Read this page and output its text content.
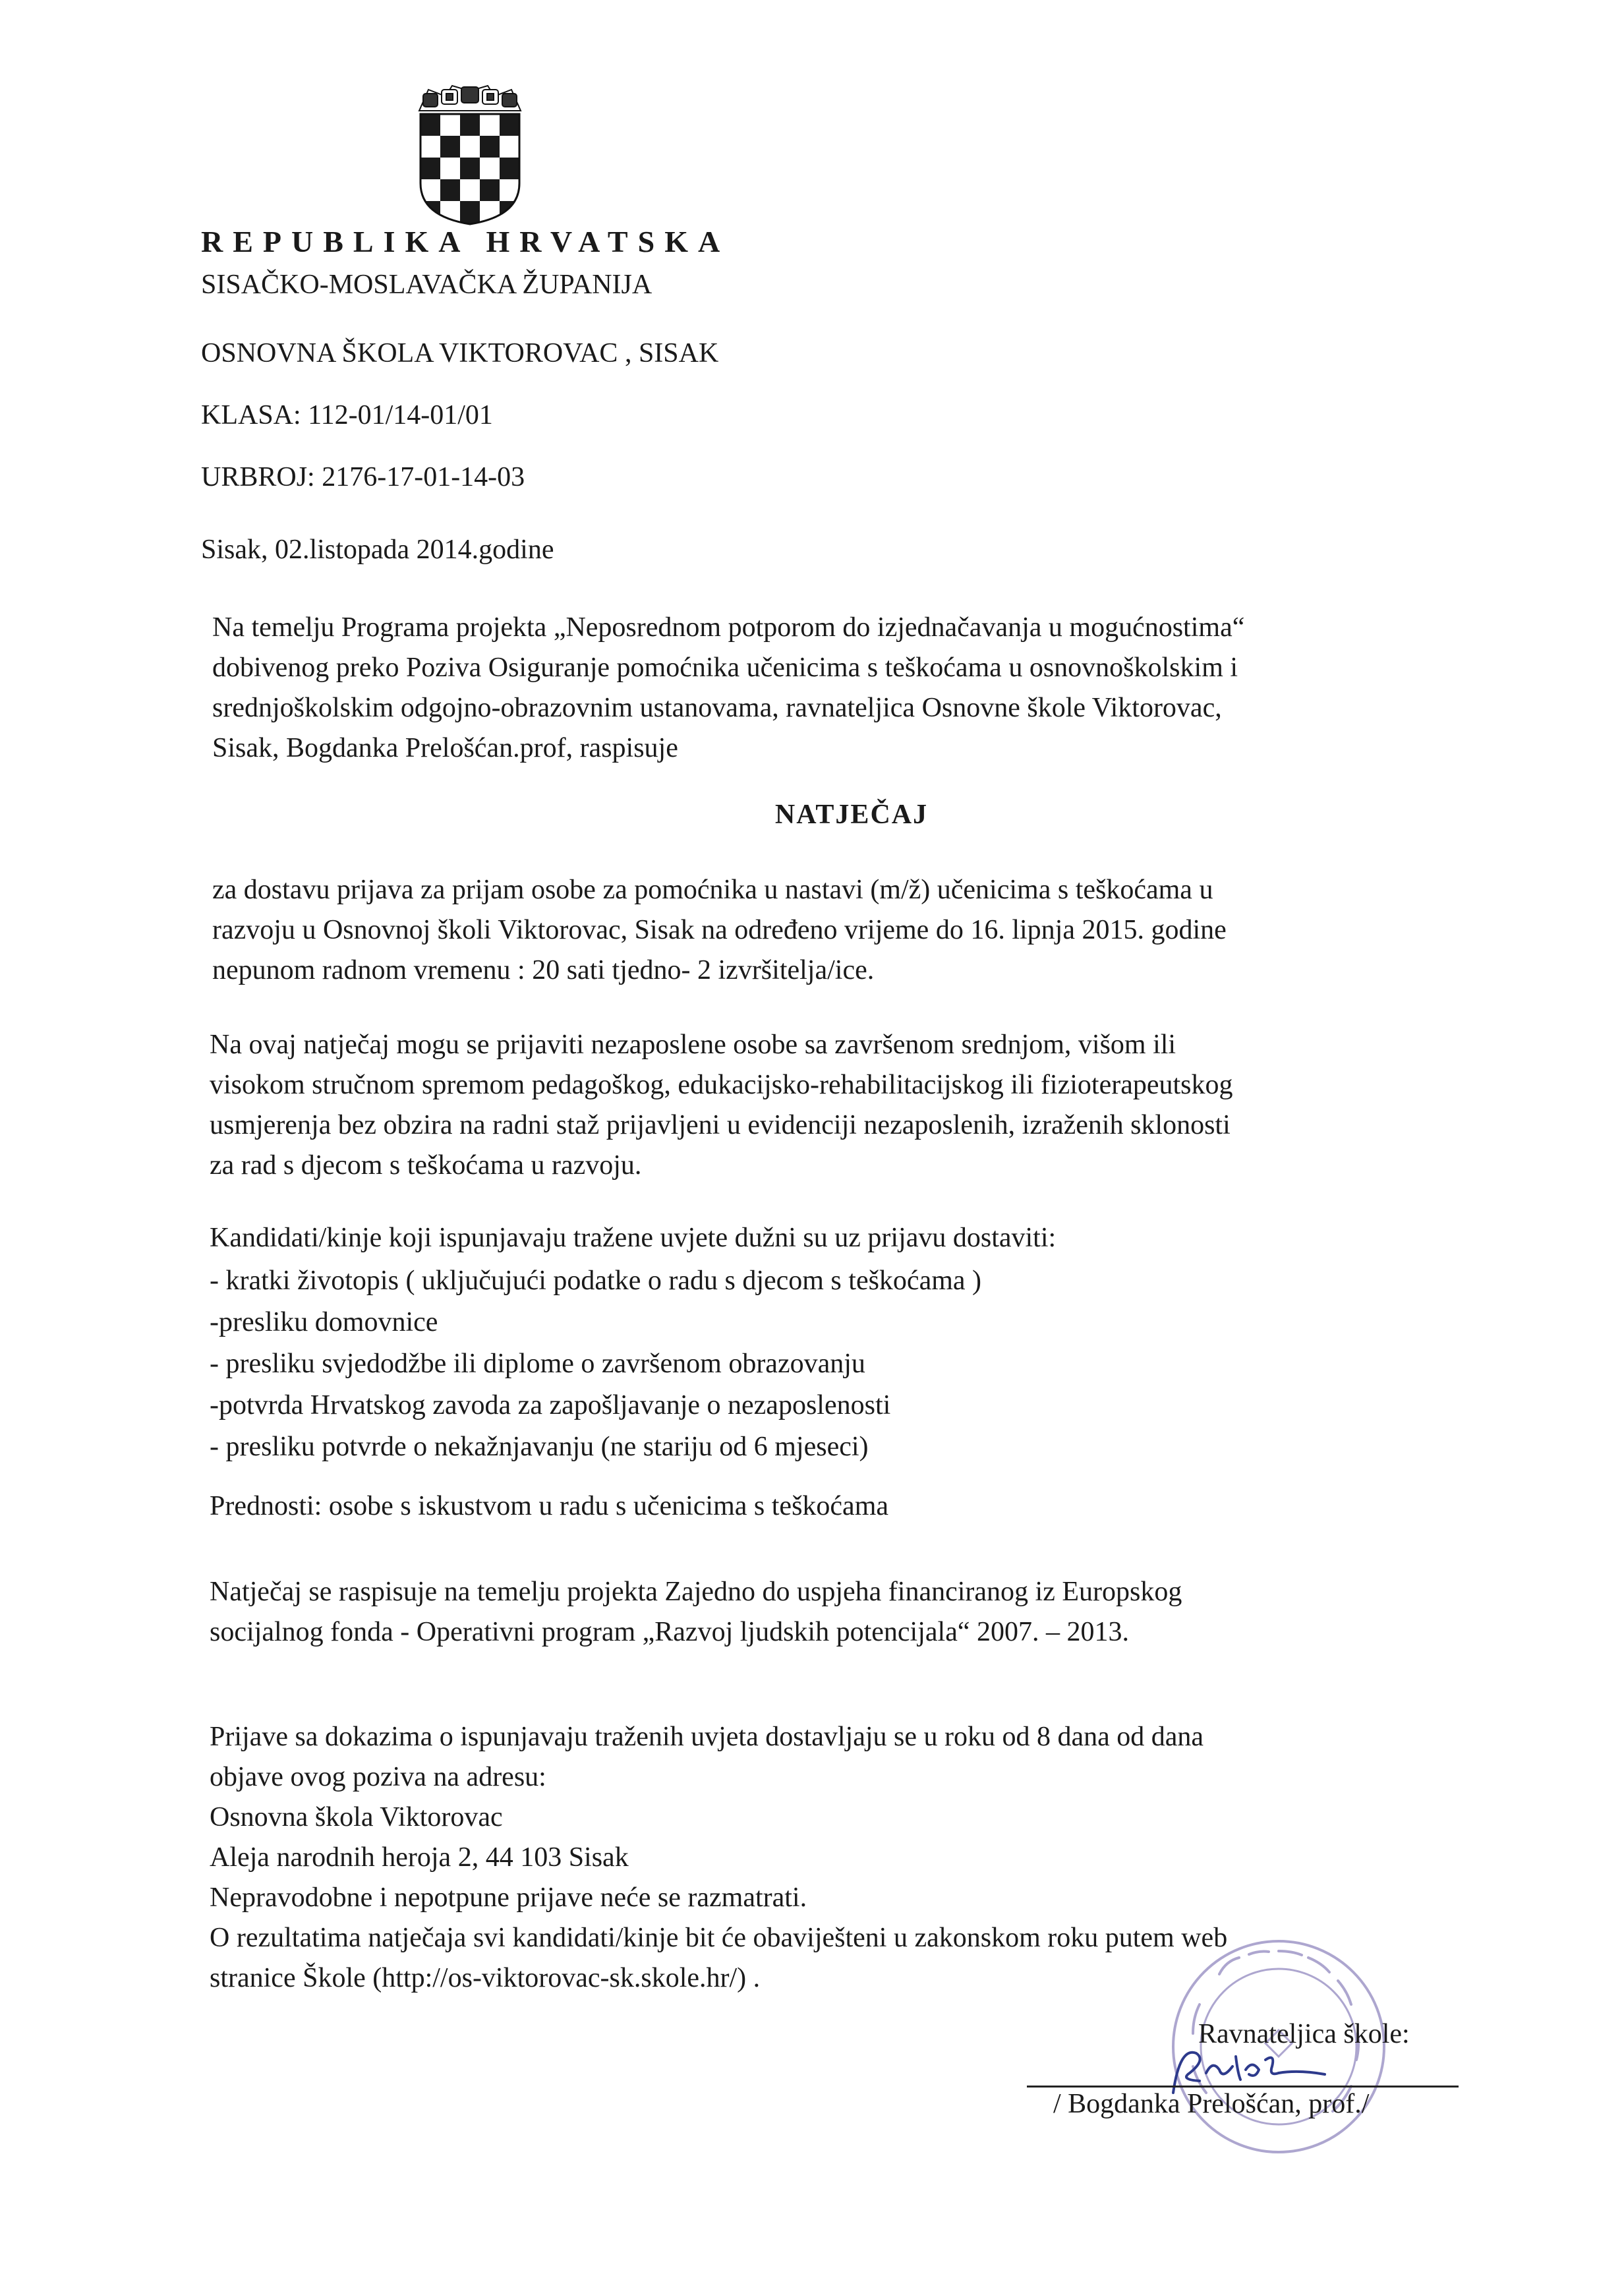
REPUBLIKA HRVATSKA
SISAČKO-MOSLAVAČKA ŽUPANIJA
OSNOVNA ŠKOLA VIKTOROVAC , SISAK
KLASA: 112-01/14-01/01
URBROJ: 2176-17-01-14-03
Sisak, 02.listopada 2014.godine
Na temelju Programa projekta „Neposrednom potporom do izjednačavanja u mogućnostima“
dobivenog preko Poziva Osiguranje pomoćnika učenicima s teškoćama u osnovnoškolskim i
srednjoškolskim odgojno-obrazovnim ustanovama, ravnateljica Osnovne škole Viktorovac,
Sisak, Bogdanka Prelošćan.prof, raspisuje
NATJEČAJ
za dostavu prijava za prijam osobe za pomoćnika u nastavi (m/ž) učenicima s teškoćama u
razvoju u Osnovnoj školi Viktorovac, Sisak na određeno vrijeme do 16. lipnja 2015. godine
nepunom radnom vremenu : 20 sati tjedno- 2 izvršitelja/ice.
Na ovaj natječaj mogu se prijaviti nezaposlene osobe sa završenom srednjom, višom ili
visokom stručnom spremom pedagoškog, edukacijsko-rehabilitacijskog ili fizioterapeutskog
usmjerenja bez obzira na radni staž prijavljeni u evidenciji nezaposlenih, izraženih sklonosti
za rad s djecom s teškoćama u razvoju.
Kandidati/kinje koji ispunjavaju tražene uvjete dužni su uz prijavu dostaviti:
- kratki životopis ( uključujući podatke o radu s djecom s teškoćama )
-presliku domovnice
- presliku svjedodžbe ili diplome o završenom obrazovanju
-potvrda Hrvatskog zavoda za zapošljavanje o nezaposlenosti
- presliku potvrde o nekažnjavanju (ne stariju od 6 mjeseci)
Prednosti: osobe s iskustvom u radu s učenicima s teškoćama
Natječaj se raspisuje na temelju projekta Zajedno do uspjeha financiranog iz Europskog
socijalnog fonda - Operativni program „Razvoj ljudskih potencijala“ 2007. – 2013.
Prijave sa dokazima o ispunjavaju traženih uvjeta dostavljaju se u roku od 8 dana od dana
objave ovog poziva na adresu:
Osnovna škola Viktorovac
Aleja narodnih heroja 2, 44 103 Sisak
Nepravodobne i nepotpune prijave neće se razmatrati.
O rezultatima natječaja svi kandidati/kinje bit će obaviješteni u zakonskom roku putem web
stranice Škole (http://os-viktorovac-sk.skole.hr/) .
Ravnateljica škole:
/ Bogdanka Prelošćan, prof./
